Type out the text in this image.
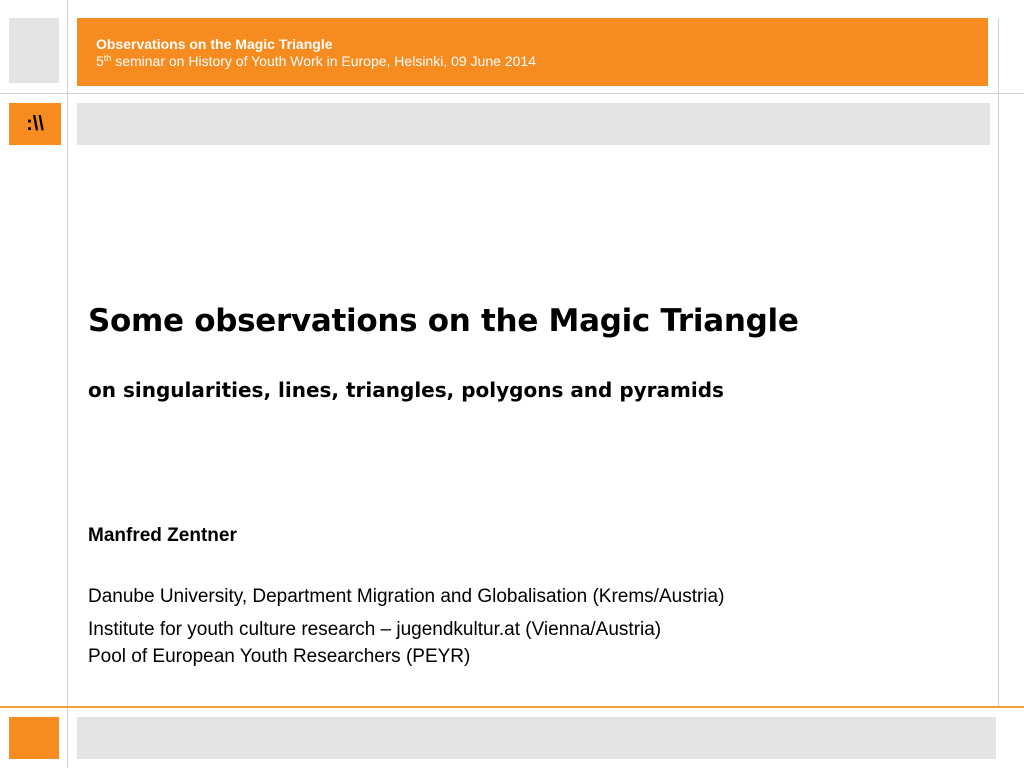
Observations on the Magic Triangle
5th seminar on History of Youth Work in Europe, Helsinki, 09 June 2014
:\\
Some observations on the Magic Triangle
on singularities, lines, triangles, polygons and pyramids

Manfred Zentner

Danube University, Department Migration and Globalisation (Krems/Austria)

Institute for youth culture research – jugendkultur.at (Vienna/Austria)

Pool of European Youth Researchers (PEYR)
